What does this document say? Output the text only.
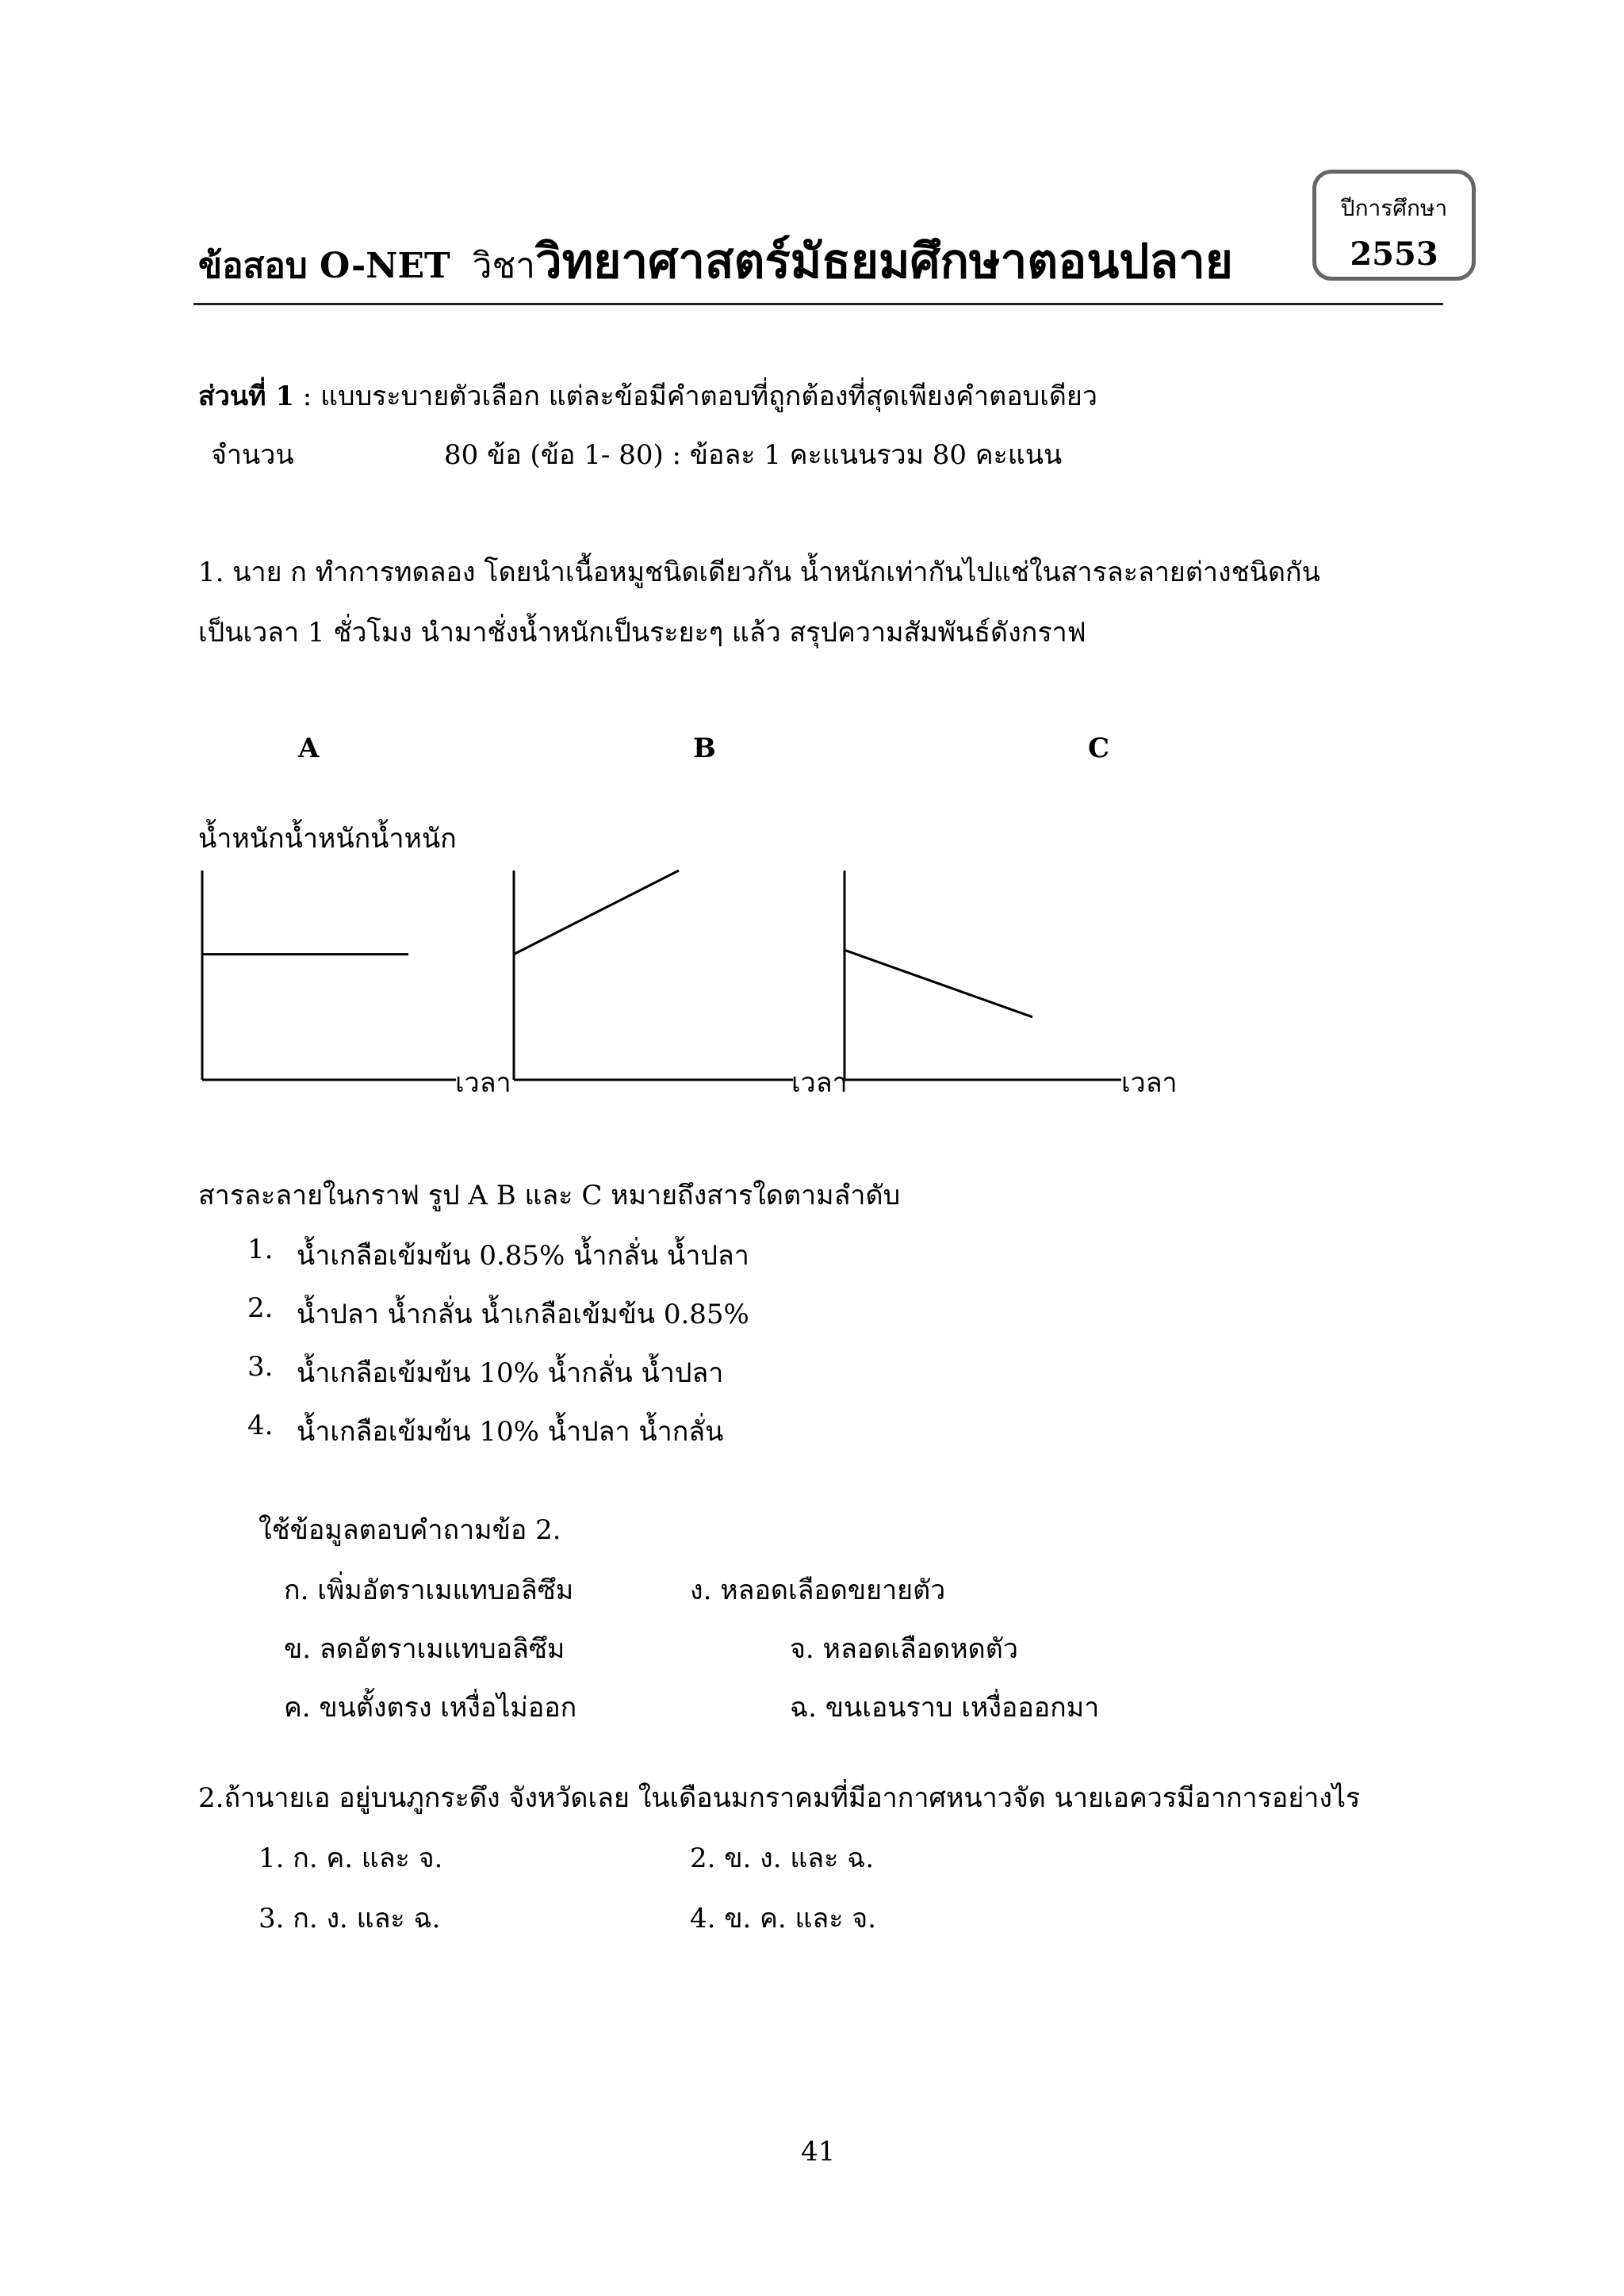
ข้อสอบ O-NET วิชาวิทยาศาสตร์มัธยมศึกษาตอนปลาย
ปีการศึกษา
2553
ส่วนที่ 1 : แบบระบายตัวเลือก แต่ละข้อมีคำตอบที่ถูกต้องที่สุดเพียงคำตอบเดียว
จำนวน	80 ข้อ (ข้อ 1- 80) : ข้อละ 1 คะแนนรวม 80 คะแนน
1. นาย ก ทำการทดลอง โดยนำเนื้อหมูชนิดเดียวกัน น้ำหนักเท่ากันไปแช่ในสารละลายต่างชนิดกัน
เป็นเวลา 1 ชั่วโมง นำมาชั่งน้ำหนักเป็นระยะๆ แล้ว สรุปความสัมพันธ์ดังกราฟ
A	B	C
น้ำหนักน้ำหนักน้ำหนัก
เวลา	เวลา	เวลา
สารละลายในกราฟ รูป A B และ C หมายถึงสารใดตามลำดับ
1. น้ำเกลือเข้มข้น 0.85% น้ำกลั่น น้ำปลา
2. น้ำปลา น้ำกลั่น น้ำเกลือเข้มข้น 0.85%
3. น้ำเกลือเข้มข้น 10% น้ำกลั่น น้ำปลา
4. น้ำเกลือเข้มข้น 10% น้ำปลา น้ำกลั่น
ใช้ข้อมูลตอบคำถามข้อ 2.
ก. เพิ่มอัตราเมแทบอลิซึม	ง. หลอดเลือดขยายตัว
ข. ลดอัตราเมแทบอลิซึม	จ. หลอดเลือดหดตัว
ค. ขนตั้งตรง เหงื่อไม่ออก	ฉ. ขนเอนราบ เหงื่อออกมา
2.ถ้านายเอ อยู่บนภูกระดึง จังหวัดเลย ในเดือนมกราคมที่มีอากาศหนาวจัด นายเอควรมีอาการอย่างไร
1. ก. ค. และ จ.	2. ข. ง. และ ฉ.
3. ก. ง. และ ฉ.	4. ข. ค. และ จ.
41
